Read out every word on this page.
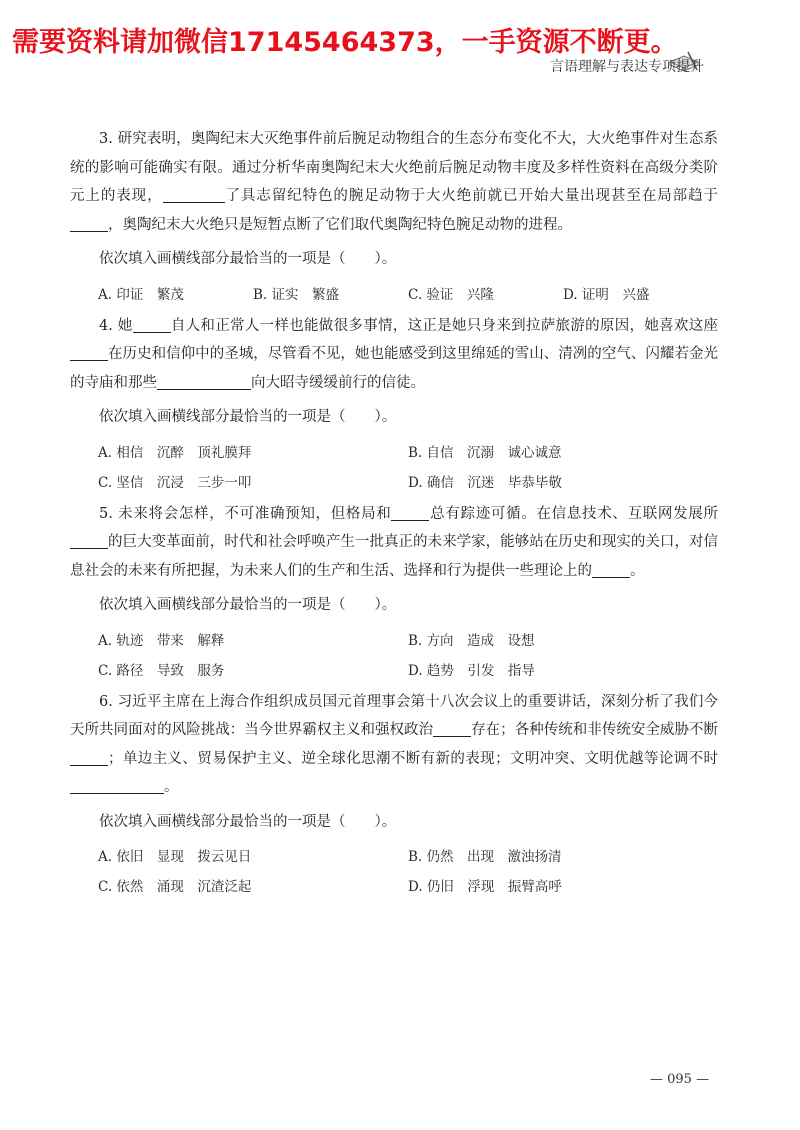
需要资料请加微信17145464373，一手资源不断更。
言语理解与表达专项提升

3. 研究表明，奥陶纪末大灭绝事件前后腕足动物组合的生态分布变化不大，大火绝事件对生态系统的影响可能确实有限。通过分析华南奥陶纪末大火绝前后腕足动物丰度及多样性资料在高级分类阶元上的表现，	了具志留纪特色的腕足动物于大火绝前就已开始大量出现甚至在局部趋于，奥陶纪末大火绝只是短暂点断了它们取代奥陶纪特色腕足动物的进程。

依次填入画横线部分最恰当的一项是（　　）。

A. 印证　繁茂	B. 证实　繁盛	C. 验证　兴隆	D. 证明　兴盛

4. 她	自人和正常人一样也能做很多事情，这正是她只身来到拉萨旅游的原因，她喜欢这座在历史和信仰中的圣城，尽管看不见，她也能感受到这里绵延的雪山、清冽的空气、闪耀若金光的寺庙和那些	向大昭寺缓缓前行的信徒。

依次填入画横线部分最恰当的一项是（　　）。

A. 相信　沉醉　顶礼膜拜	B. 自信　沉溺　诚心诚意
C. 坚信　沉浸　三步一叩	D. 确信　沉迷　毕恭毕敬

5. 未来将会怎样，不可准确预知，但格局和	总有踪迹可循。在信息技术、互联网发展所的巨大变革面前，时代和社会呼唤产生一批真正的未来学家，能够站在历史和现实的关口，对信息社会的未来有所把握，为未来人们的生产和生活、选择和行为提供一些理论上的	。

依次填入画横线部分最恰当的一项是（　　）。

A. 轨迹　带来　解释	B. 方向　造成　设想
C. 路径　导致　服务	D. 趋势　引发　指导

6. 习近平主席在上海合作组织成员国元首理事会第十八次会议上的重要讲话，深刻分析了我们今天所共同面对的风险挑战：当今世界霸权主义和强权政治	存在；各种传统和非传统安全威胁不断；单边主义、贸易保护主义、逆全球化思潮不断有新的表现；文明冲突、文明优越等论调不时。

依次填入画横线部分最恰当的一项是（　　）。

A. 依旧　显现　拨云见日	B. 仍然　出现　激浊扬清
C. 依然　涌现　沉渣泛起	D. 仍旧　浮现　振臂高呼
— 095 —
